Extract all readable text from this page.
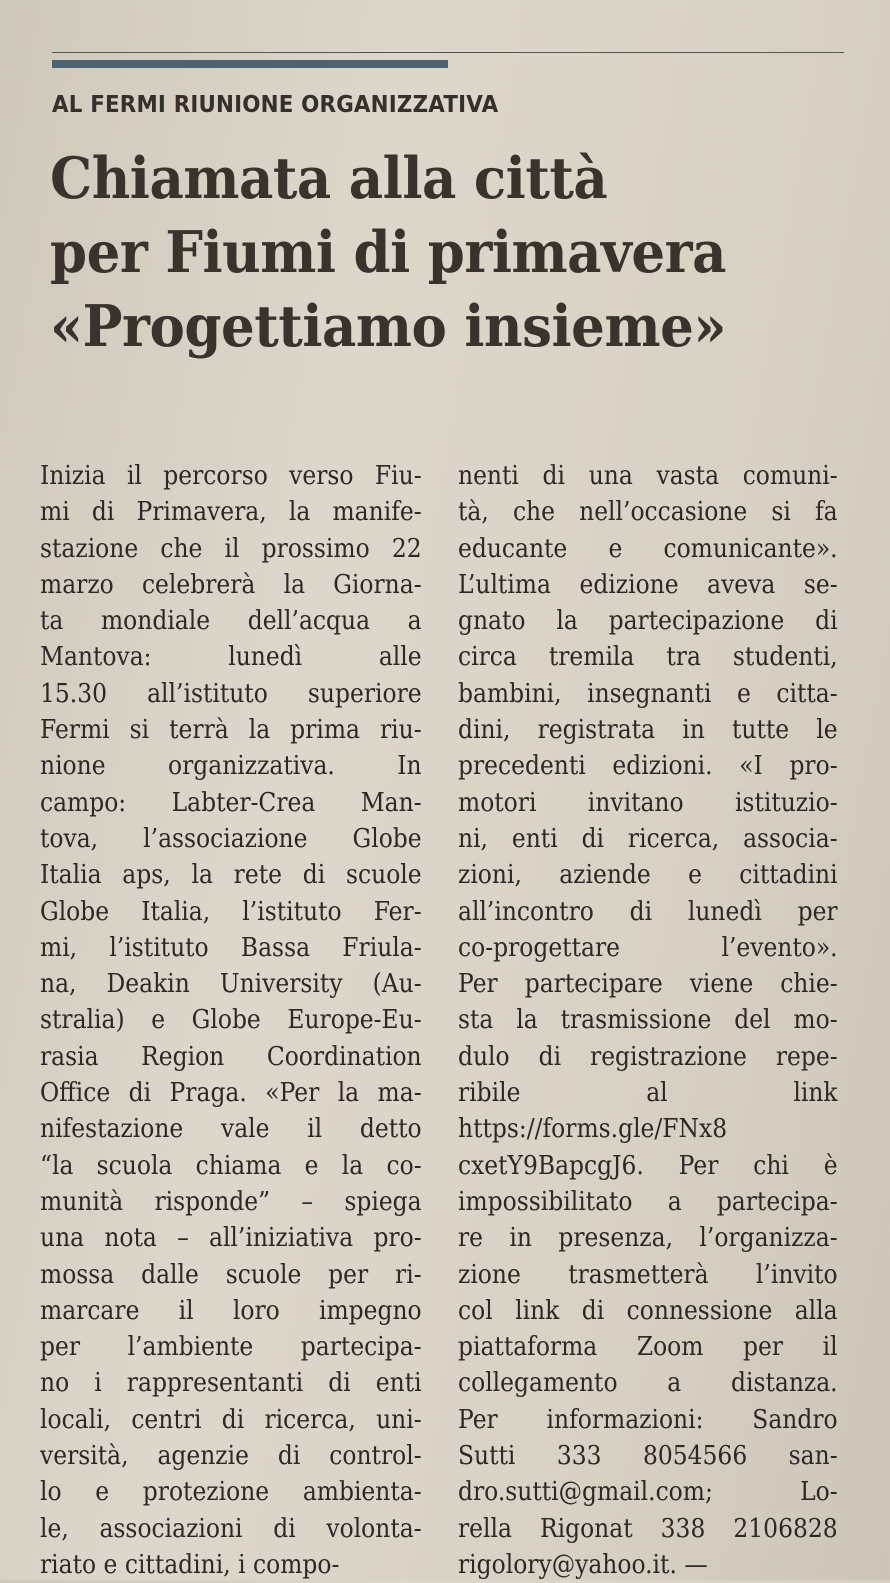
AL FERMI RIUNIONE ORGANIZZATIVA
Chiamata alla città
per Fiumi di primavera
«Progettiamo insieme»
Inizia il percorso verso Fiu-
mi di Primavera, la manife-
stazione che il prossimo 22
marzo celebrerà la Giorna-
ta mondiale dell’acqua a
Mantova: lunedì alle
15.30 all’istituto superiore
Fermi si terrà la prima riu-
nione organizzativa. In
campo: Labter-Crea Man-
tova, l’associazione Globe
Italia aps, la rete di scuole
Globe Italia, l’istituto Fer-
mi, l’istituto Bassa Friula-
na, Deakin University (Au-
stralia) e Globe Europe-Eu-
rasia Region Coordination
Office di Praga. «Per la ma-
nifestazione vale il detto
“la scuola chiama e la co-
munità risponde” – spiega
una nota – all’iniziativa pro-
mossa dalle scuole per ri-
marcare il loro impegno
per l’ambiente partecipa-
no i rappresentanti di enti
locali, centri di ricerca, uni-
versità, agenzie di control-
lo e protezione ambienta-
le, associazioni di volonta-
riato e cittadini, i compo-
nenti di una vasta comuni-
tà, che nell’occasione si fa
educante e comunicante».
L’ultima edizione aveva se-
gnato la partecipazione di
circa tremila tra studenti,
bambini, insegnanti e citta-
dini, registrata in tutte le
precedenti edizioni. «I pro-
motori invitano istituzio-
ni, enti di ricerca, associa-
zioni, aziende e cittadini
all’incontro di lunedì per
co-progettare l’evento».
Per partecipare viene chie-
sta la trasmissione del mo-
dulo di registrazione repe-
ribile al link
https://forms.gle/FNx8
cxetY9BapcgJ6. Per chi è
impossibilitato a partecipa-
re in presenza, l’organizza-
zione trasmetterà l’invito
col link di connessione alla
piattaforma Zoom per il
collegamento a distanza.
Per informazioni: Sandro
Sutti 333 8054566 san-
dro.sutti@gmail.com; Lo-
rella Rigonat 338 2106828
rigolory@yahoo.it. —
